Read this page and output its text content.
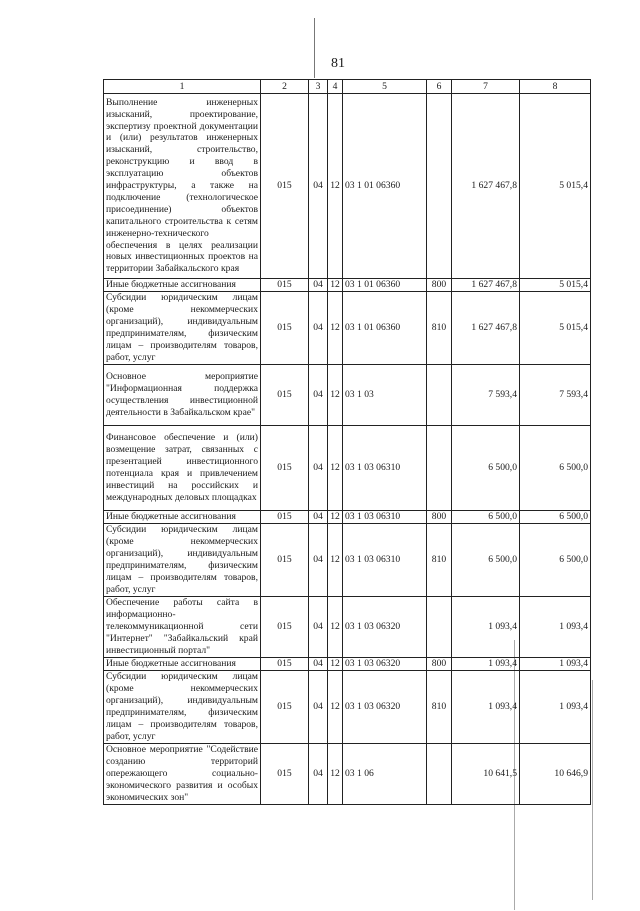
81
1	2	3	4	5	6	7	8
Выполнение инженерных изысканий, проектирование, экспертизу проектной документации и (или) результатов инженерных изысканий, строительство, реконструкцию и ввод в эксплуатацию объектов инфраструктуры, а также на подключение (технологическое присоединение) объектов капитального строительства к сетям инженерно-технического обеспечения в целях реализации новых инвестиционных проектов на территории Забайкальского края	015	04	12	03 1 01 06360		1 627 467,8	5 015,4
Иные бюджетные ассигнования	015	04	12	03 1 01 06360	800	1 627 467,8	5 015,4
Субсидии юридическим лицам (кроме некоммерческих организаций), индивидуальным предпринимателям, физическим лицам – производителям товаров, работ, услуг	015	04	12	03 1 01 06360	810	1 627 467,8	5 015,4
Основное мероприятие "Информационная поддержка осуществления инвестиционной деятельности в Забайкальском крае"	015	04	12	03 1 03		7 593,4	7 593,4
Финансовое обеспечение и (или) возмещение затрат, связанных с презентацией инвестиционного потенциала края и привлечением инвестиций на российских и международных деловых площадках	015	04	12	03 1 03 06310		6 500,0	6 500,0
Иные бюджетные ассигнования	015	04	12	03 1 03 06310	800	6 500,0	6 500,0
Субсидии юридическим лицам (кроме некоммерческих организаций), индивидуальным предпринимателям, физическим лицам – производителям товаров, работ, услуг	015	04	12	03 1 03 06310	810	6 500,0	6 500,0
Обеспечение работы сайта в информационно-телекоммуникационной сети "Интернет" "Забайкальский край инвестиционный портал"	015	04	12	03 1 03 06320		1 093,4	1 093,4
Иные бюджетные ассигнования	015	04	12	03 1 03 06320	800	1 093,4	1 093,4
Субсидии юридическим лицам (кроме некоммерческих организаций), индивидуальным предпринимателям, физическим лицам – производителям товаров, работ, услуг	015	04	12	03 1 03 06320	810	1 093,4	1 093,4
Основное мероприятие "Содействие созданию территорий опережающего социально-экономического развития и особых экономических зон"	015	04	12	03 1 06		10 641,5	10 646,9
